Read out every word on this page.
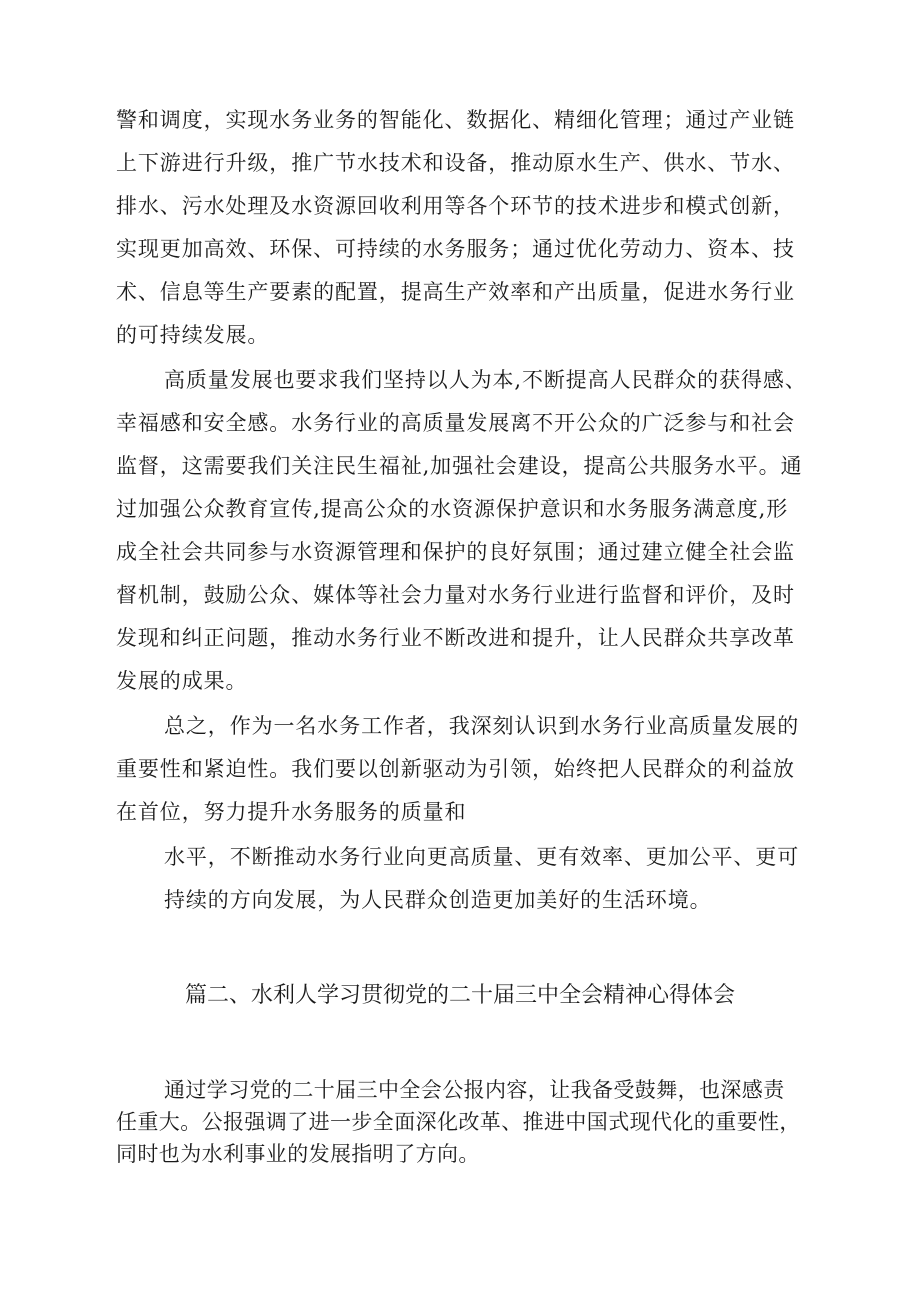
警和调度，实现水务业务的智能化、数据化、精细化管理；通过产业链
上下游进行升级，推广节水技术和设备，推动原水生产、供水、节水、
排水、污水处理及水资源回收利用等各个环节的技术进步和模式创新，
实现更加高效、环保、可持续的水务服务；通过优化劳动力、资本、技
术、信息等生产要素的配置，提高生产效率和产出质量，促进水务行业
的可持续发展。
高质量发展也要求我们坚持以人为本,不断提高人民群众的获得感、
幸福感和安全感。水务行业的高质量发展离不开公众的广泛参与和社会
监督，这需要我们关注民生福祉,加强社会建设，提高公共服务水平。通
过加强公众教育宣传,提高公众的水资源保护意识和水务服务满意度,形
成全社会共同参与水资源管理和保护的良好氛围；通过建立健全社会监
督机制，鼓励公众、媒体等社会力量对水务行业进行监督和评价，及时
发现和纠正问题，推动水务行业不断改进和提升，让人民群众共享改革
发展的成果。
总之，作为一名水务工作者，我深刻认识到水务行业高质量发展的
重要性和紧迫性。我们要以创新驱动为引领，始终把人民群众的利益放
在首位，努力提升水务服务的质量和
水平，不断推动水务行业向更高质量、更有效率、更加公平、更可
持续的方向发展，为人民群众创造更加美好的生活环境。
篇二、水利人学习贯彻党的二十届三中全会精神心得体会
通过学习党的二十届三中全会公报内容，让我备受鼓舞，也深感责
任重大。公报强调了进一步全面深化改革、推进中国式现代化的重要性，
同时也为水利事业的发展指明了方向。
